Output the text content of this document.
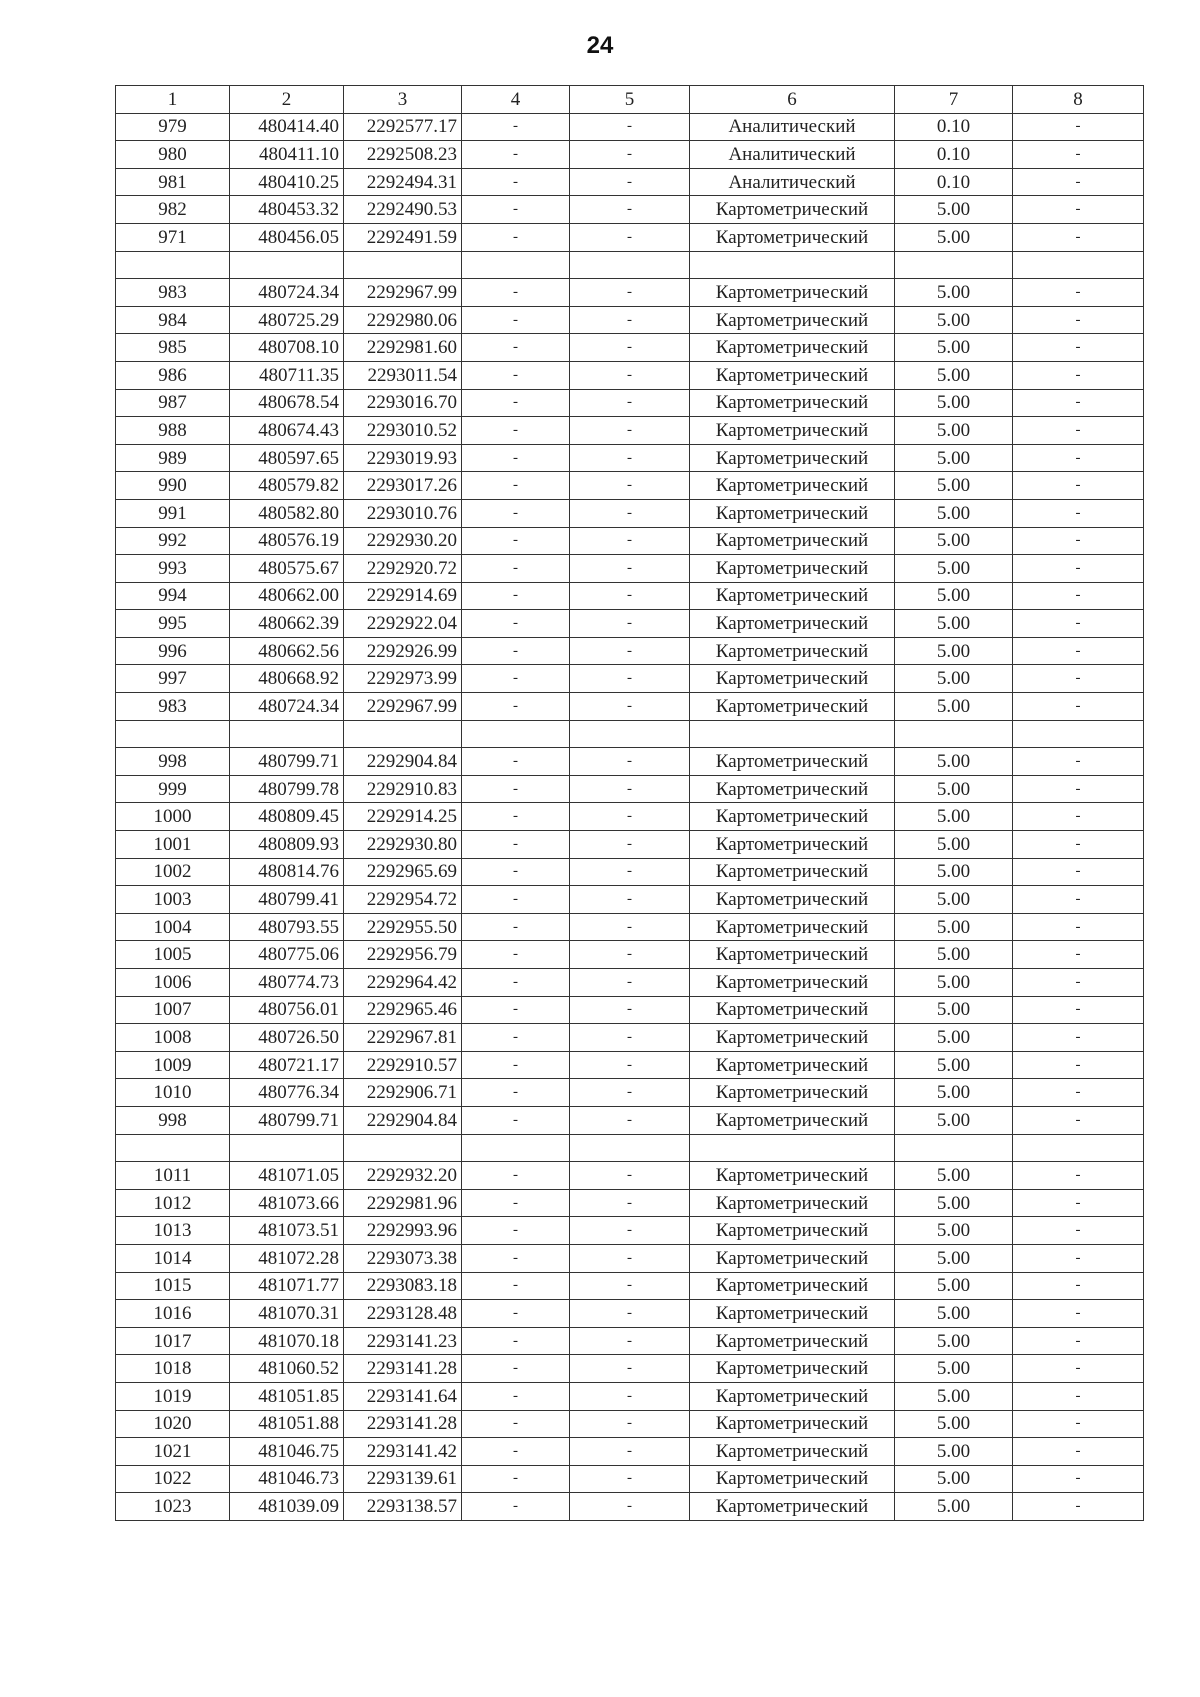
24
1	2	3	4	5	6	7	8
979	480414.40	2292577.17	-	-	Аналитический	0.10	-
980	480411.10	2292508.23	-	-	Аналитический	0.10	-
981	480410.25	2292494.31	-	-	Аналитический	0.10	-
982	480453.32	2292490.53	-	-	Картометрический	5.00	-
971	480456.05	2292491.59	-	-	Картометрический	5.00	-

983	480724.34	2292967.99	-	-	Картометрический	5.00	-
984	480725.29	2292980.06	-	-	Картометрический	5.00	-
985	480708.10	2292981.60	-	-	Картометрический	5.00	-
986	480711.35	2293011.54	-	-	Картометрический	5.00	-
987	480678.54	2293016.70	-	-	Картометрический	5.00	-
988	480674.43	2293010.52	-	-	Картометрический	5.00	-
989	480597.65	2293019.93	-	-	Картометрический	5.00	-
990	480579.82	2293017.26	-	-	Картометрический	5.00	-
991	480582.80	2293010.76	-	-	Картометрический	5.00	-
992	480576.19	2292930.20	-	-	Картометрический	5.00	-
993	480575.67	2292920.72	-	-	Картометрический	5.00	-
994	480662.00	2292914.69	-	-	Картометрический	5.00	-
995	480662.39	2292922.04	-	-	Картометрический	5.00	-
996	480662.56	2292926.99	-	-	Картометрический	5.00	-
997	480668.92	2292973.99	-	-	Картометрический	5.00	-
983	480724.34	2292967.99	-	-	Картометрический	5.00	-

998	480799.71	2292904.84	-	-	Картометрический	5.00	-
999	480799.78	2292910.83	-	-	Картометрический	5.00	-
1000	480809.45	2292914.25	-	-	Картометрический	5.00	-
1001	480809.93	2292930.80	-	-	Картометрический	5.00	-
1002	480814.76	2292965.69	-	-	Картометрический	5.00	-
1003	480799.41	2292954.72	-	-	Картометрический	5.00	-
1004	480793.55	2292955.50	-	-	Картометрический	5.00	-
1005	480775.06	2292956.79	-	-	Картометрический	5.00	-
1006	480774.73	2292964.42	-	-	Картометрический	5.00	-
1007	480756.01	2292965.46	-	-	Картометрический	5.00	-
1008	480726.50	2292967.81	-	-	Картометрический	5.00	-
1009	480721.17	2292910.57	-	-	Картометрический	5.00	-
1010	480776.34	2292906.71	-	-	Картометрический	5.00	-
998	480799.71	2292904.84	-	-	Картометрический	5.00	-

1011	481071.05	2292932.20	-	-	Картометрический	5.00	-
1012	481073.66	2292981.96	-	-	Картометрический	5.00	-
1013	481073.51	2292993.96	-	-	Картометрический	5.00	-
1014	481072.28	2293073.38	-	-	Картометрический	5.00	-
1015	481071.77	2293083.18	-	-	Картометрический	5.00	-
1016	481070.31	2293128.48	-	-	Картометрический	5.00	-
1017	481070.18	2293141.23	-	-	Картометрический	5.00	-
1018	481060.52	2293141.28	-	-	Картометрический	5.00	-
1019	481051.85	2293141.64	-	-	Картометрический	5.00	-
1020	481051.88	2293141.28	-	-	Картометрический	5.00	-
1021	481046.75	2293141.42	-	-	Картометрический	5.00	-
1022	481046.73	2293139.61	-	-	Картометрический	5.00	-
1023	481039.09	2293138.57	-	-	Картометрический	5.00	-
